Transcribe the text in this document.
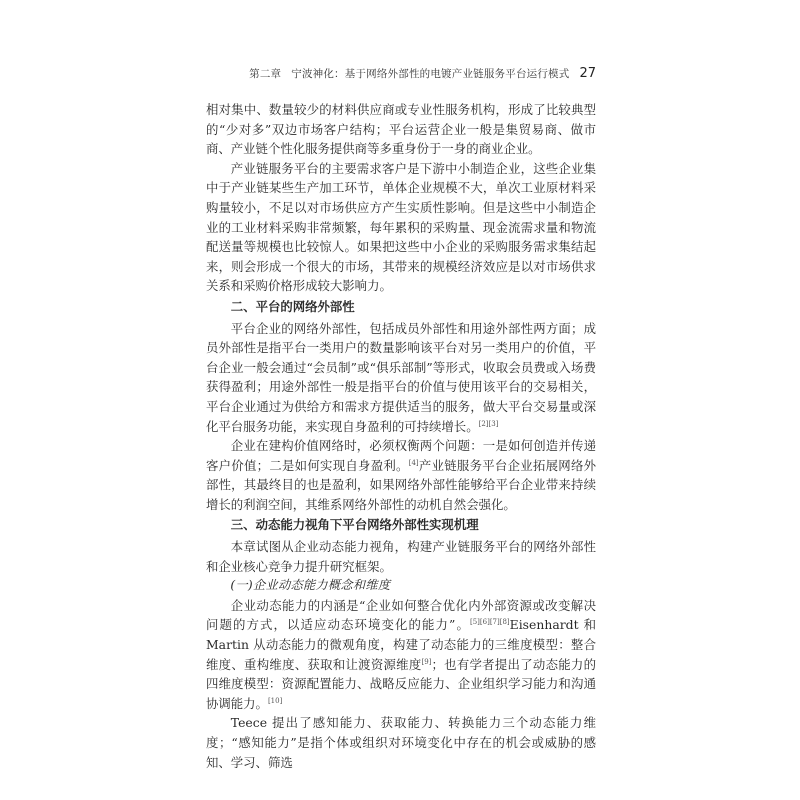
第二章 宁波神化：基于网络外部性的电镀产业链服务平台运行模式 27

相对集中、数量较少的材料供应商或专业性服务机构，形成了比较典型的“少对多”双边市场客户结构；平台运营企业一般是集贸易商、做市商、产业链个性化服务提供商等多重身份于一身的商业企业。

产业链服务平台的主要需求客户是下游中小制造企业，这些企业集中于产业链某些生产加工环节，单体企业规模不大，单次工业原材料采购量较小，不足以对市场供应方产生实质性影响。但是这些中小制造企业的工业材料采购非常频繁，每年累积的采购量、现金流需求量和物流配送量等规模也比较惊人。如果把这些中小企业的采购服务需求集结起来，则会形成一个很大的市场，其带来的规模经济效应是以对市场供求关系和采购价格形成较大影响力。

二、平台的网络外部性

平台企业的网络外部性，包括成员外部性和用途外部性两方面；成员外部性是指平台一类用户的数量影响该平台对另一类用户的价值，平台企业一般会通过“会员制”或“俱乐部制”等形式，收取会员费或入场费获得盈利；用途外部性一般是指平台的价值与使用该平台的交易相关，平台企业通过为供给方和需求方提供适当的服务，做大平台交易量或深化平台服务功能，来实现自身盈利的可持续增长。[2][3]

企业在建构价值网络时，必须权衡两个问题：一是如何创造并传递客户价值；二是如何实现自身盈利。[4]产业链服务平台企业拓展网络外部性，其最终目的也是盈利，如果网络外部性能够给平台企业带来持续增长的利润空间，其维系网络外部性的动机自然会强化。

三、动态能力视角下平台网络外部性实现机理

本章试图从企业动态能力视角，构建产业链服务平台的网络外部性和企业核心竞争力提升研究框架。

(一)企业动态能力概念和维度

企业动态能力的内涵是“企业如何整合优化内外部资源或改变解决问题的方式，以适应动态环境变化的能力”。[5][6][7][8]Eisenhardt 和 Martin 从动态能力的微观角度，构建了动态能力的三维度模型：整合维度、重构维度、获取和让渡资源维度[9]；也有学者提出了动态能力的四维度模型：资源配置能力、战略反应能力、企业组织学习能力和沟通协调能力。[10]

Teece 提出了感知能力、获取能力、转换能力三个动态能力维度；“感知能力”是指个体或组织对环境变化中存在的机会或威胁的感知、学习、筛选
